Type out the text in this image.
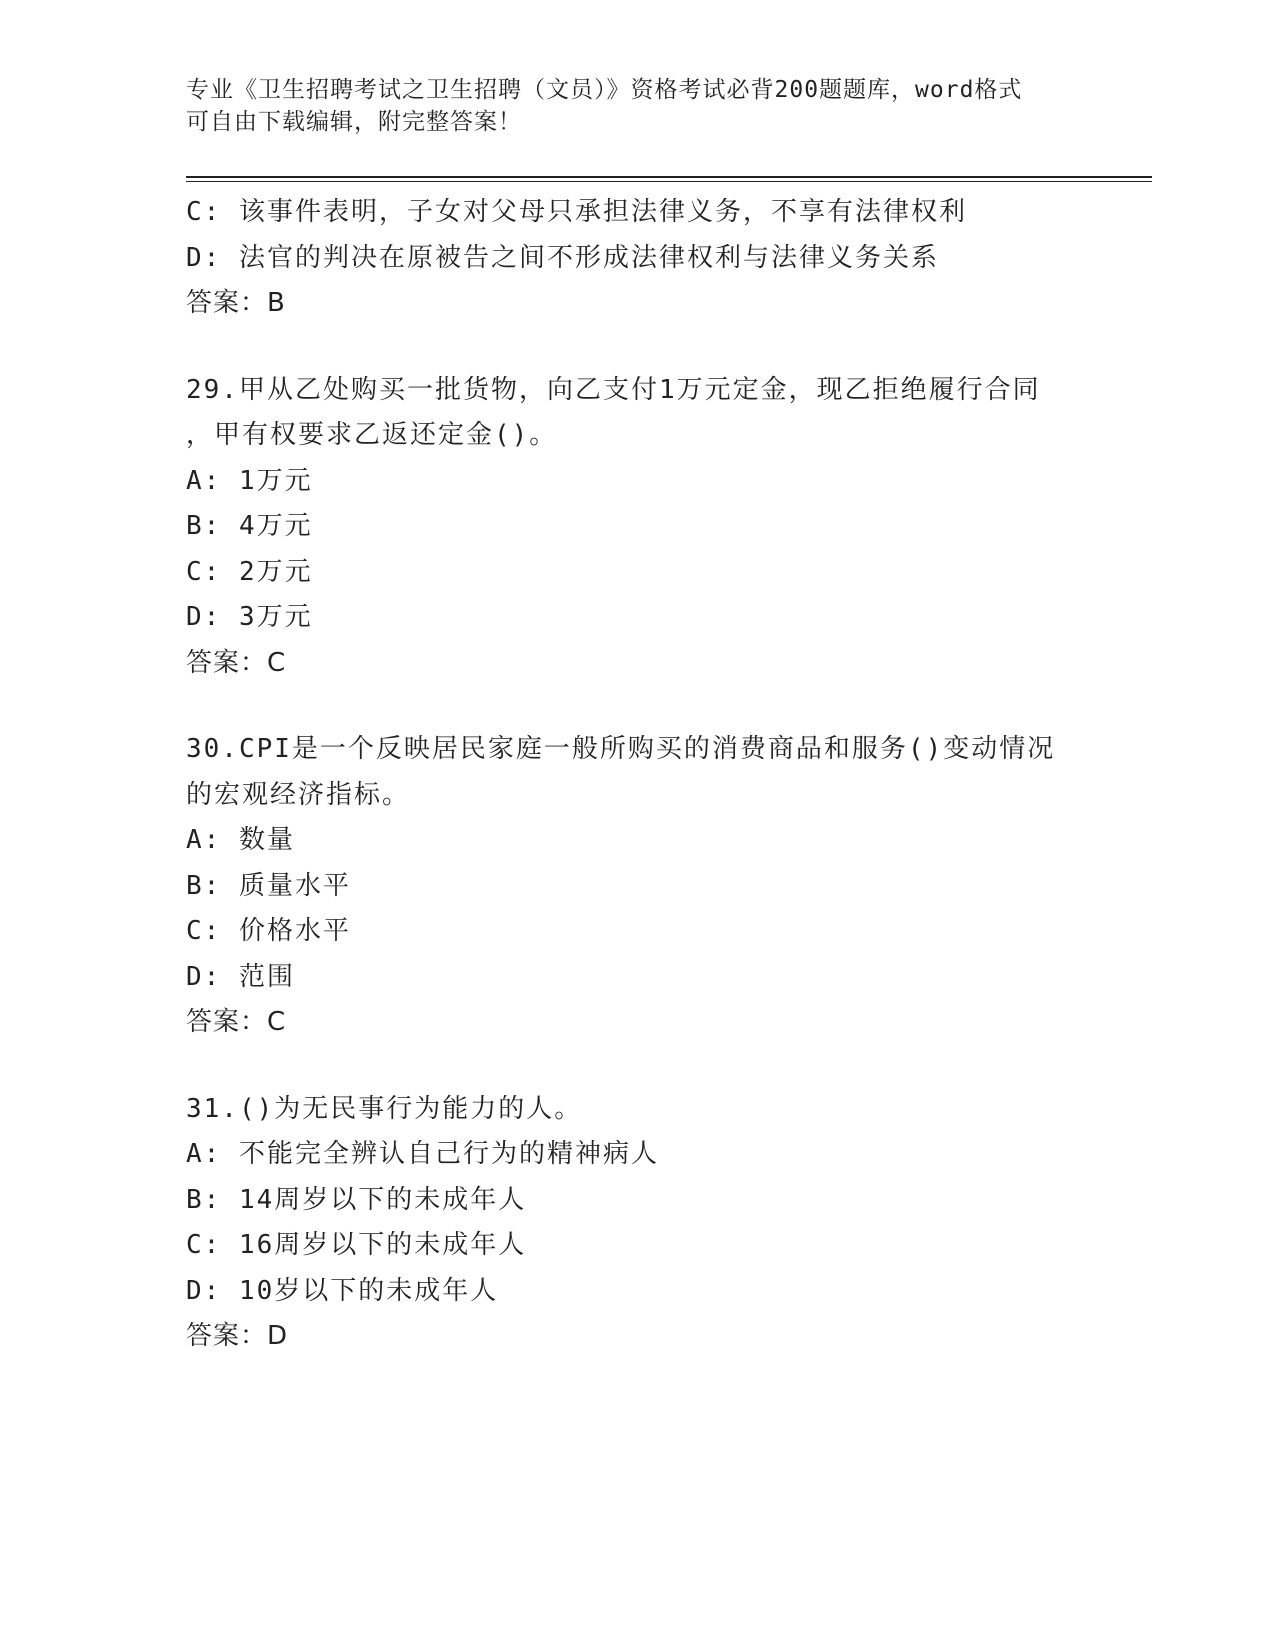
专业《卫生招聘考试之卫生招聘（文员）》资格考试必背200题题库，word格式
可自由下载编辑，附完整答案！
C: 该事件表明，子女对父母只承担法律义务，不享有法律权利
D: 法官的判决在原被告之间不形成法律权利与法律义务关系
答案：B
29.甲从乙处购买一批货物，向乙支付1万元定金，现乙拒绝履行合同
，甲有权要求乙返还定金()。
A: 1万元
B: 4万元
C: 2万元
D: 3万元
答案：C
30.CPI是一个反映居民家庭一般所购买的消费商品和服务()变动情况
的宏观经济指标。
A: 数量
B: 质量水平
C: 价格水平
D: 范围
答案：C
31.()为无民事行为能力的人。
A: 不能完全辨认自己行为的精神病人
B: 14周岁以下的未成年人
C: 16周岁以下的未成年人
D: 10岁以下的未成年人
答案：D
